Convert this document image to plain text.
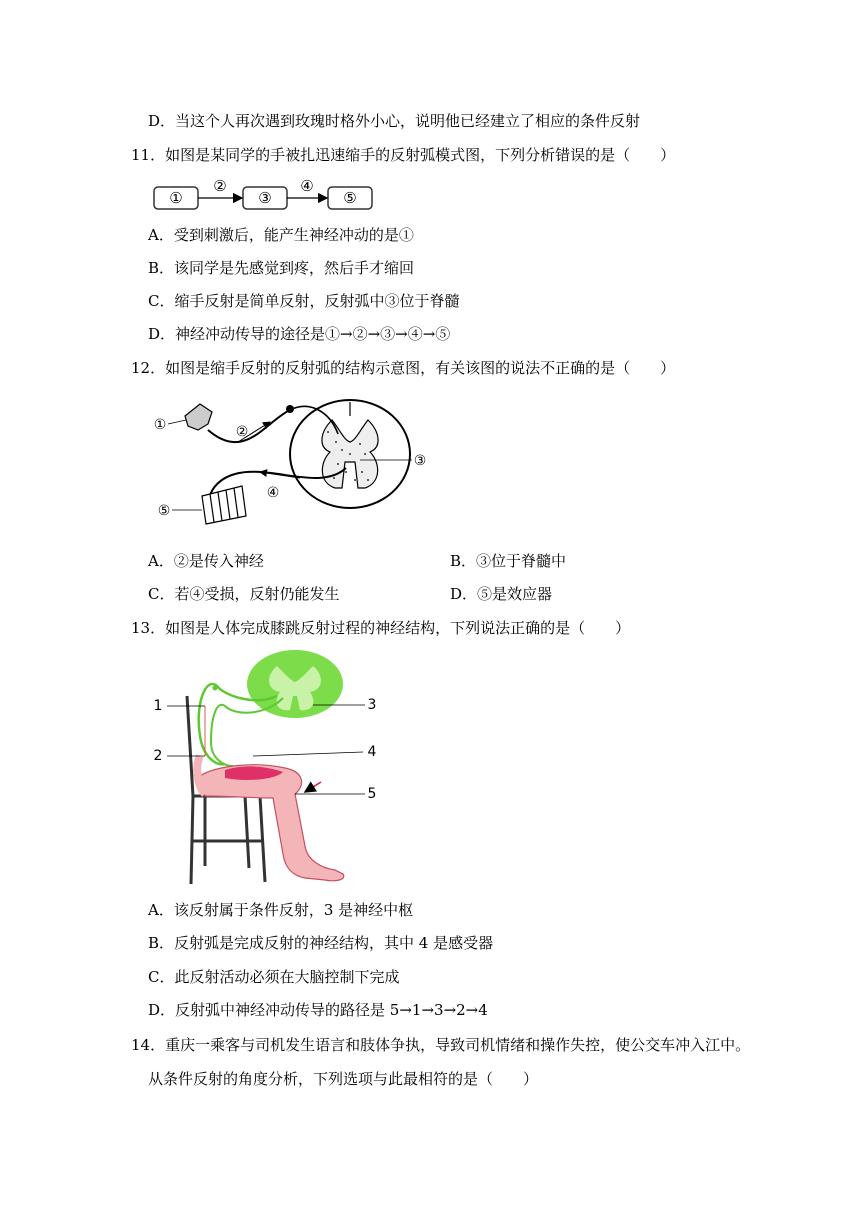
D．当这个人再次遇到玫瑰时格外小心，说明他已经建立了相应的条件反射
11．如图是某同学的手被扎迅速缩手的反射弧模式图，下列分析错误的是（　　）
①	③	⑤
②	④
A．受到刺激后，能产生神经冲动的是①
B．该同学是先感觉到疼，然后手才缩回
C．缩手反射是简单反射，反射弧中③位于脊髓
D．神经冲动传导的途径是①→②→③→④→⑤
12．如图是缩手反射的反射弧的结构示意图，有关该图的说法不正确的是（　　）
①	②
③
④
⑤
A．②是传入神经	B．③位于脊髓中
C．若④受损，反射仍能发生	D．⑤是效应器
13．如图是人体完成膝跳反射过程的神经结构，下列说法正确的是（　　）
1
2
3
4
5
A．该反射属于条件反射，3 是神经中枢
B．反射弧是完成反射的神经结构，其中 4 是感受器
C．此反射活动必须在大脑控制下完成
D．反射弧中神经冲动传导的路径是 5→1→3→2→4
14．重庆一乘客与司机发生语言和肢体争执，导致司机情绪和操作失控，使公交车冲入江中。
从条件反射的角度分析，下列选项与此最相符的是（　　）
